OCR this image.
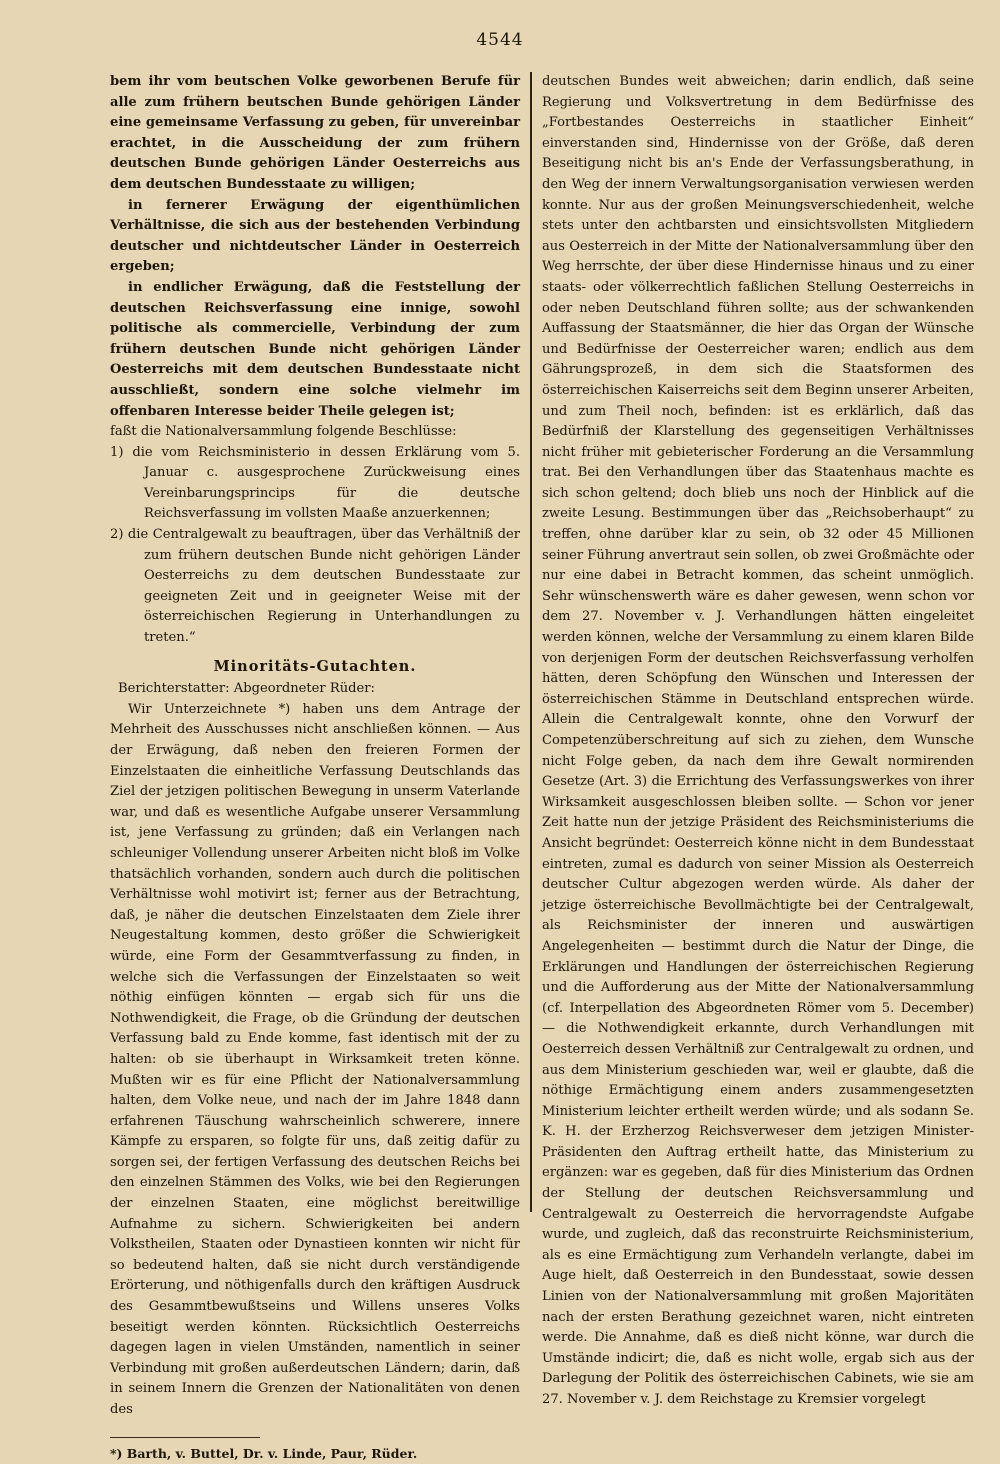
4544

bem ihr vom beutschen Volke geworbenen Berufe für alle zum frühern beutschen Bunde gehörigen Länder eine gemeinsame Verfassung zu geben, für unvereinbar erachtet, in die Ausscheidung der zum frühern deutschen Bunde gehörigen Länder Oesterreichs aus dem deutschen Bundesstaate zu willigen;

in fernerer Erwägung der eigenthümlichen Verhältnisse, die sich aus der bestehenden Verbindung deutscher und nichtdeutscher Länder in Oesterreich ergeben;

in endlicher Erwägung, daß die Feststellung der deutschen Reichsverfassung eine innige, sowohl politische als commercielle, Verbindung der zum frühern deutschen Bunde nicht gehörigen Länder Oesterreichs mit dem deutschen Bundesstaate nicht ausschließt, sondern eine solche vielmehr im offenbaren Interesse beider Theile gelegen ist;

faßt die Nationalversammlung folgende Beschlüsse:

1) die vom Reichsministerio in dessen Erklärung vom 5. Januar c. ausgesprochene Zurückweisung eines Vereinbarungsprincips für die deutsche Reichsverfassung im vollsten Maaße anzuerkennen;

2) die Centralgewalt zu beauftragen, über das Verhältniß der zum frühern deutschen Bunde nicht gehörigen Länder Oesterreichs zu dem deutschen Bundesstaate zur geeigneten Zeit und in geeigneter Weise mit der österreichischen Regierung in Unterhandlungen zu treten.“

Minoritäts-Gutachten.

Berichterstatter: Abgeordneter Rüder:

Wir Unterzeichnete *) haben uns dem Antrage der Mehrheit des Ausschusses nicht anschließen können. — Aus der Erwägung, daß neben den freieren Formen der Einzelstaaten die einheitliche Verfassung Deutschlands das Ziel der jetzigen politischen Bewegung in unserm Vaterlande war, und daß es wesentliche Aufgabe unserer Versammlung ist, jene Verfassung zu gründen; daß ein Verlangen nach schleuniger Vollendung unserer Arbeiten nicht bloß im Volke thatsächlich vorhanden, sondern auch durch die politischen Verhältnisse wohl motivirt ist; ferner aus der Betrachtung, daß, je näher die deutschen Einzelstaaten dem Ziele ihrer Neugestaltung kommen, desto größer die Schwierigkeit würde, eine Form der Gesammtverfassung zu finden, in welche sich die Verfassungen der Einzelstaaten so weit nöthig einfügen könnten — ergab sich für uns die Nothwendigkeit, die Frage, ob die Gründung der deutschen Verfassung bald zu Ende komme, fast identisch mit der zu halten: ob sie überhaupt in Wirksamkeit treten könne. Mußten wir es für eine Pflicht der Nationalversammlung halten, dem Volke neue, und nach der im Jahre 1848 dann erfahrenen Täuschung wahrscheinlich schwerere, innere Kämpfe zu ersparen, so folgte für uns, daß zeitig dafür zu sorgen sei, der fertigen Verfassung des deutschen Reichs bei den einzelnen Stämmen des Volks, wie bei den Regierungen der einzelnen Staaten, eine möglichst bereitwillige Aufnahme zu sichern. Schwierigkeiten bei andern Volkstheilen, Staaten oder Dynastieen konnten wir nicht für so bedeutend halten, daß sie nicht durch verständigende Erörterung, und nöthigenfalls durch den kräftigen Ausdruck des Gesammtbewußtseins und Willens unseres Volks beseitigt werden könnten. Rücksichtlich Oesterreichs dagegen lagen in vielen Umständen, namentlich in seiner Verbindung mit großen außerdeutschen Ländern; darin, daß in seinem Innern die Grenzen der Nationalitäten von denen des

*) Barth, v. Buttel, Dr. v. Linde, Paur, Rüder.

deutschen Bundes weit abweichen; darin endlich, daß seine Regierung und Volksvertretung in dem Bedürfnisse des „Fortbestandes Oesterreichs in staatlicher Einheit“ einverstanden sind, Hindernisse von der Größe, daß deren Beseitigung nicht bis an's Ende der Verfassungsberathung, in den Weg der innern Verwaltungsorganisation verwiesen werden konnte. Nur aus der großen Meinungsverschiedenheit, welche stets unter den achtbarsten und einsichtsvollsten Mitgliedern aus Oesterreich in der Mitte der Nationalversammlung über den Weg herrschte, der über diese Hindernisse hinaus und zu einer staats- oder völkerrechtlich faßlichen Stellung Oesterreichs in oder neben Deutschland führen sollte; aus der schwankenden Auffassung der Staatsmänner, die hier das Organ der Wünsche und Bedürfnisse der Oesterreicher waren; endlich aus dem Gährungsprozeß, in dem sich die Staatsformen des österreichischen Kaiserreichs seit dem Beginn unserer Arbeiten, und zum Theil noch, befinden: ist es erklärlich, daß das Bedürfniß der Klarstellung des gegenseitigen Verhältnisses nicht früher mit gebieterischer Forderung an die Versammlung trat. Bei den Verhandlungen über das Staatenhaus machte es sich schon geltend; doch blieb uns noch der Hinblick auf die zweite Lesung. Bestimmungen über das „Reichsoberhaupt“ zu treffen, ohne darüber klar zu sein, ob 32 oder 45 Millionen seiner Führung anvertraut sein sollen, ob zwei Großmächte oder nur eine dabei in Betracht kommen, das scheint unmöglich. Sehr wünschenswerth wäre es daher gewesen, wenn schon vor dem 27. November v. J. Verhandlungen hätten eingeleitet werden können, welche der Versammlung zu einem klaren Bilde von derjenigen Form der deutschen Reichsverfassung verholfen hätten, deren Schöpfung den Wünschen und Interessen der österreichischen Stämme in Deutschland entsprechen würde. Allein die Centralgewalt konnte, ohne den Vorwurf der Competenzüberschreitung auf sich zu ziehen, dem Wunsche nicht Folge geben, da nach dem ihre Gewalt normirenden Gesetze (Art. 3) die Errichtung des Verfassungswerkes von ihrer Wirksamkeit ausgeschlossen bleiben sollte. — Schon vor jener Zeit hatte nun der jetzige Präsident des Reichsministeriums die Ansicht begründet: Oesterreich könne nicht in dem Bundesstaat eintreten, zumal es dadurch von seiner Mission als Oesterreich deutscher Cultur abgezogen werden würde. Als daher der jetzige österreichische Bevollmächtigte bei der Centralgewalt, als Reichsminister der inneren und auswärtigen Angelegenheiten — bestimmt durch die Natur der Dinge, die Erklärungen und Handlungen der österreichischen Regierung und die Aufforderung aus der Mitte der Nationalversammlung (cf. Interpellation des Abgeordneten Römer vom 5. December) — die Nothwendigkeit erkannte, durch Verhandlungen mit Oesterreich dessen Verhältniß zur Centralgewalt zu ordnen, und aus dem Ministerium geschieden war, weil er glaubte, daß die nöthige Ermächtigung einem anders zusammengesetzten Ministerium leichter ertheilt werden würde; und als sodann Se. K. H. der Erzherzog Reichsverweser dem jetzigen Minister-Präsidenten den Auftrag ertheilt hatte, das Ministerium zu ergänzen: war es gegeben, daß für dies Ministerium das Ordnen der Stellung der deutschen Reichsversammlung und Centralgewalt zu Oesterreich die hervorragendste Aufgabe wurde, und zugleich, daß das reconstruirte Reichsministerium, als es eine Ermächtigung zum Verhandeln verlangte, dabei im Auge hielt, daß Oesterreich in den Bundesstaat, sowie dessen Linien von der Nationalversammlung mit großen Majoritäten nach der ersten Berathung gezeichnet waren, nicht eintreten werde. Die Annahme, daß es dieß nicht könne, war durch die Umstände indicirt; die, daß es nicht wolle, ergab sich aus der Darlegung der Politik des österreichischen Cabinets, wie sie am 27. November v. J. dem Reichstage zu Kremsier vorgelegt
